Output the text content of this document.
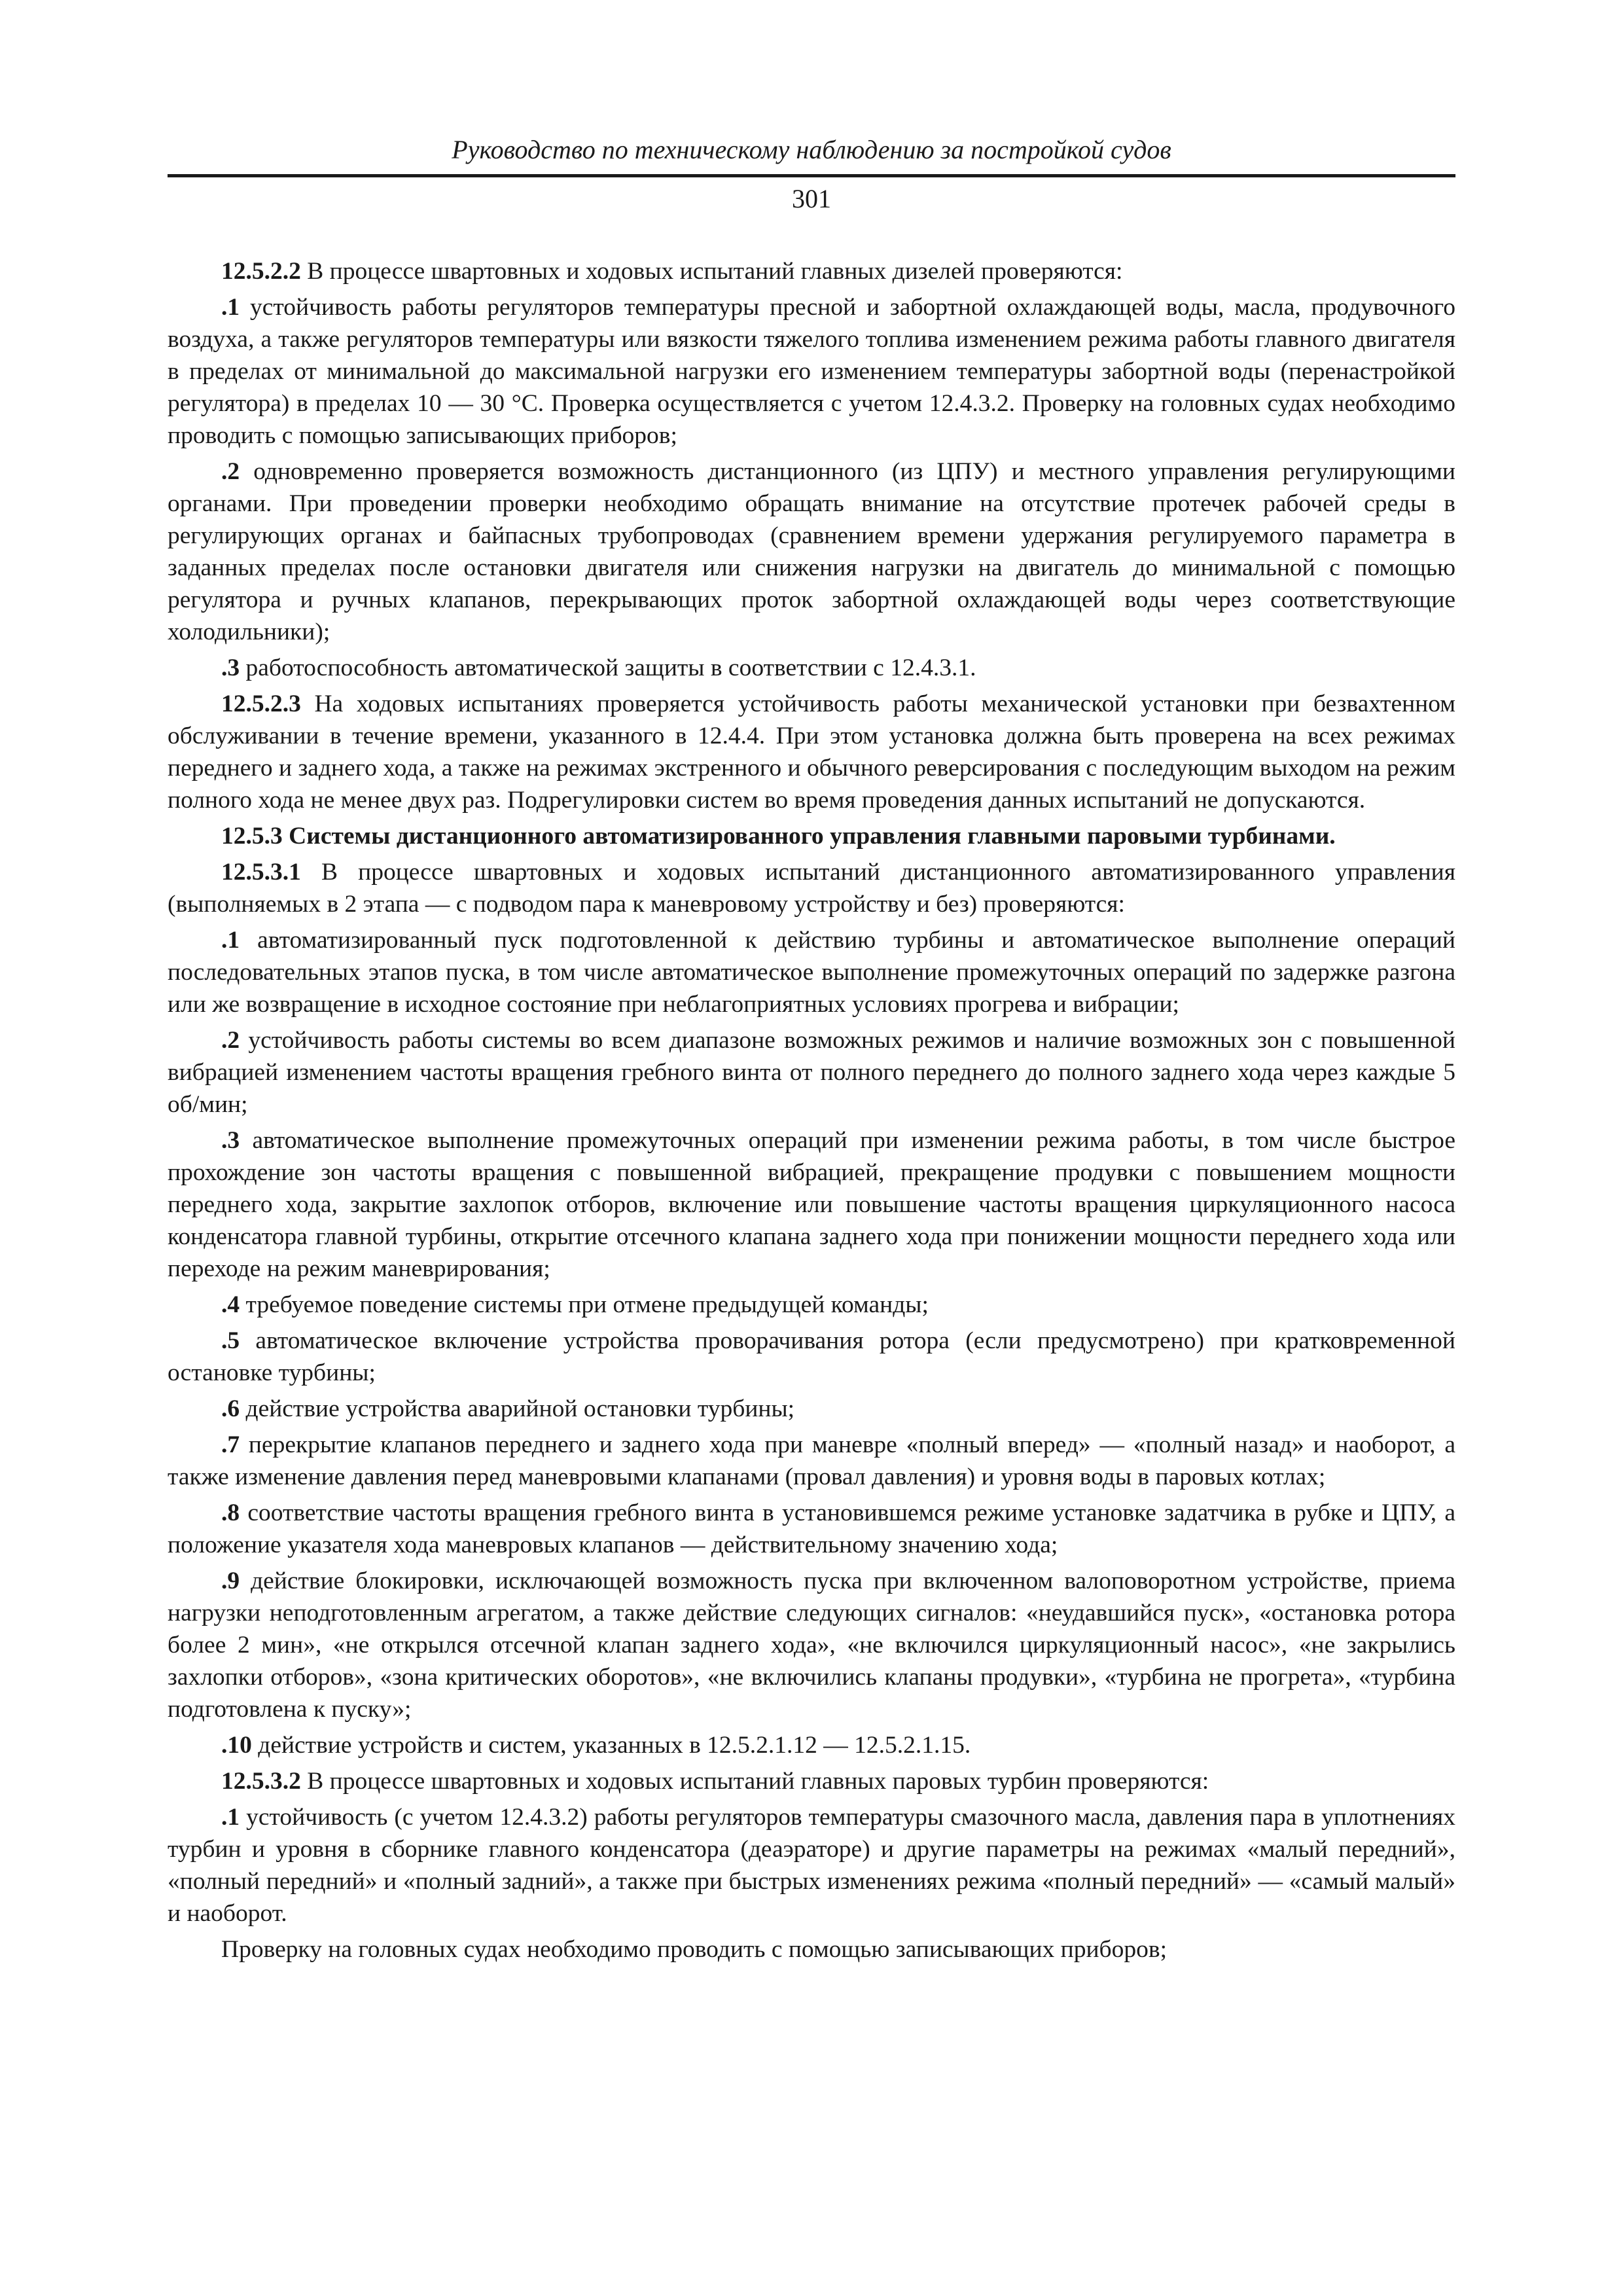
Руководство по техническому наблюдению за постройкой судов
301

12.5.2.2 В процессе швартовных и ходовых испытаний главных дизелей проверяются:

.1 устойчивость работы регуляторов температуры пресной и забортной охлаждающей воды, масла, продувочного воздуха, а также регуляторов температуры или вязкости тяжелого топлива изменением режима работы главного двигателя в пределах от минимальной до максимальной нагрузки его изменением температуры забортной воды (перенастройкой регулятора) в пределах 10 — 30 °С. Проверка осуществляется с учетом 12.4.3.2. Проверку на головных судах необходимо проводить с помощью записывающих приборов;

.2 одновременно проверяется возможность дистанционного (из ЦПУ) и местного управления регулирующими органами. При проведении проверки необходимо обращать внимание на отсутствие протечек рабочей среды в регулирующих органах и байпасных трубопроводах (сравнением времени удержания регулируемого параметра в заданных пределах после остановки двигателя или снижения нагрузки на двигатель до минимальной с помощью регулятора и ручных клапанов, перекрывающих проток забортной охлаждающей воды через соответствующие холодильники);

.3 работоспособность автоматической защиты в соответствии с 12.4.3.1.

12.5.2.3 На ходовых испытаниях проверяется устойчивость работы механической установки при безвахтенном обслуживании в течение времени, указанного в 12.4.4. При этом установка должна быть проверена на всех режимах переднего и заднего хода, а также на режимах экстренного и обычного реверсирования с последующим выходом на режим полного хода не менее двух раз. Подрегулировки систем во время проведения данных испытаний не допускаются.

12.5.3 Системы дистанционного автоматизированного управления главными паровыми турбинами.

12.5.3.1 В процессе швартовных и ходовых испытаний дистанционного автоматизированного управления (выполняемых в 2 этапа — с подводом пара к маневровому устройству и без) проверяются:

.1 автоматизированный пуск подготовленной к действию турбины и автоматическое выполнение операций последовательных этапов пуска, в том числе автоматическое выполнение промежуточных операций по задержке разгона или же возвращение в исходное состояние при неблагоприятных условиях прогрева и вибрации;

.2 устойчивость работы системы во всем диапазоне возможных режимов и наличие возможных зон с повышенной вибрацией изменением частоты вращения гребного винта от полного переднего до полного заднего хода через каждые 5 об/мин;

.3 автоматическое выполнение промежуточных операций при изменении режима работы, в том числе быстрое прохождение зон частоты вращения с повышенной вибрацией, прекращение продувки с повышением мощности переднего хода, закрытие захлопок отборов, включение или повышение частоты вращения циркуляционного насоса конденсатора главной турбины, открытие отсечного клапана заднего хода при понижении мощности переднего хода или переходе на режим маневрирования;

.4 требуемое поведение системы при отмене предыдущей команды;

.5 автоматическое включение устройства проворачивания ротора (если предусмотрено) при кратковременной остановке турбины;

.6 действие устройства аварийной остановки турбины;

.7 перекрытие клапанов переднего и заднего хода при маневре «полный вперед» — «полный назад» и наоборот, а также изменение давления перед маневровыми клапанами (провал давления) и уровня воды в паровых котлах;

.8 соответствие частоты вращения гребного винта в установившемся режиме установке задатчика в рубке и ЦПУ, а положение указателя хода маневровых клапанов — действительному значению хода;

.9 действие блокировки, исключающей возможность пуска при включенном валоповоротном устройстве, приема нагрузки неподготовленным агрегатом, а также действие следующих сигналов: «неудавшийся пуск», «остановка ротора более 2 мин», «не открылся отсечной клапан заднего хода», «не включился циркуляционный насос», «не закрылись захлопки отборов», «зона критических оборотов», «не включились клапаны продувки», «турбина не прогрета», «турбина подготовлена к пуску»;

.10 действие устройств и систем, указанных в 12.5.2.1.12 — 12.5.2.1.15.

12.5.3.2 В процессе швартовных и ходовых испытаний главных паровых турбин проверяются:

.1 устойчивость (с учетом 12.4.3.2) работы регуляторов температуры смазочного масла, давления пара в уплотнениях турбин и уровня в сборнике главного конденсатора (деаэраторе) и другие параметры на режимах «малый передний», «полный передний» и «полный задний», а также при быстрых изменениях режима «полный передний» — «самый малый» и наоборот.

Проверку на головных судах необходимо проводить с помощью записывающих приборов;
